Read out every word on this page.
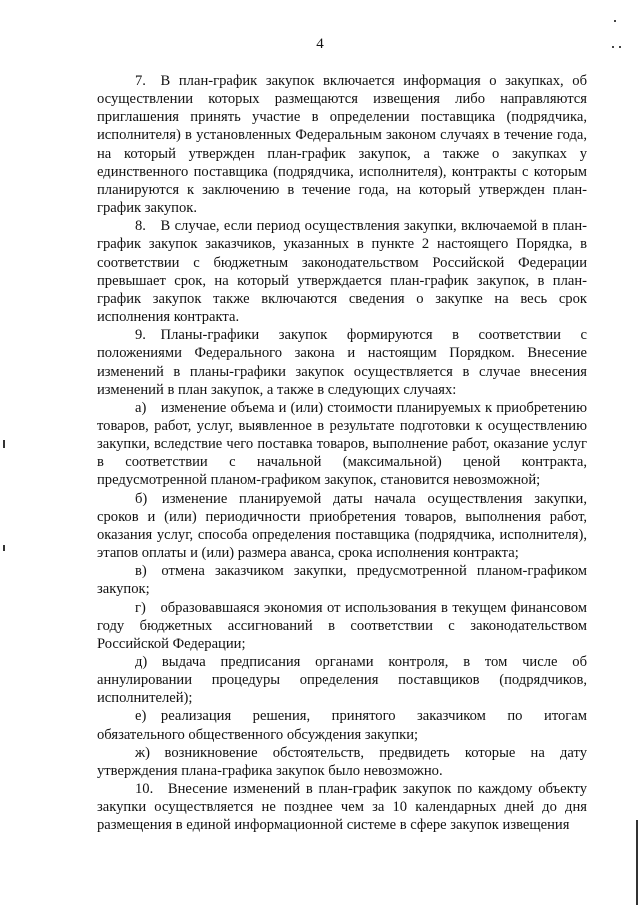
4

7. В план-график закупок включается информация о закупках, об осуществлении которых размещаются извещения либо направляются приглашения принять участие в определении поставщика (подрядчика, исполнителя) в установленных Федеральным законом случаях в течение года, на который утвержден план-график закупок, а также о закупках у единственного поставщика (подрядчика, исполнителя), контракты с которым планируются к заключению в течение года, на который утвержден план-график закупок.

8. В случае, если период осуществления закупки, включаемой в план-график закупок заказчиков, указанных в пункте 2 настоящего Порядка, в соответствии с бюджетным законодательством Российской Федерации превышает срок, на который утверждается план-график закупок, в план-график закупок также включаются сведения о закупке на весь срок исполнения контракта.

9. Планы-графики закупок формируются в соответствии с положениями Федерального закона и настоящим Порядком. Внесение изменений в планы-графики закупок осуществляется в случае внесения изменений в план закупок, а также в следующих случаях:

а) изменение объема и (или) стоимости планируемых к приобретению товаров, работ, услуг, выявленное в результате подготовки к осуществлению закупки, вследствие чего поставка товаров, выполнение работ, оказание услуг в соответствии с начальной (максимальной) ценой контракта, предусмотренной планом-графиком закупок, становится невозможной;

б) изменение планируемой даты начала осуществления закупки, сроков и (или) периодичности приобретения товаров, выполнения работ, оказания услуг, способа определения поставщика (подрядчика, исполнителя), этапов оплаты и (или) размера аванса, срока исполнения контракта;

в) отмена заказчиком закупки, предусмотренной планом-графиком закупок;

г) образовавшаяся экономия от использования в текущем финансовом году бюджетных ассигнований в соответствии с законодательством Российской Федерации;

д) выдача предписания органами контроля, в том числе об аннулировании процедуры определения поставщиков (подрядчиков, исполнителей);

е) реализация решения, принятого заказчиком по итогам обязательного общественного обсуждения закупки;

ж) возникновение обстоятельств, предвидеть которые на дату утверждения плана-графика закупок было невозможно.

10. Внесение изменений в план-график закупок по каждому объекту закупки осуществляется не позднее чем за 10 календарных дней до дня размещения в единой информационной системе в сфере закупок извещения
